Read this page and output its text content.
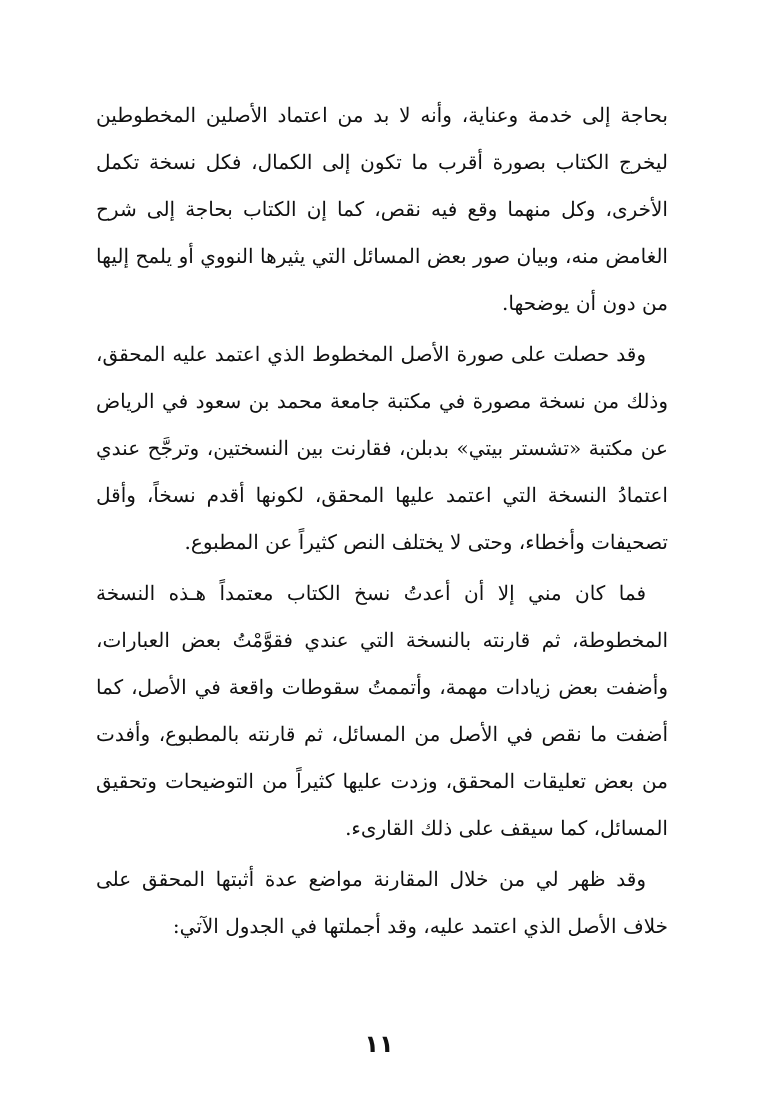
بحاجة إلى خدمة وعناية، وأنه لا بد من اعتماد الأصلين المخطوطين ليخرج الكتاب بصورة أقرب ما تكون إلى الكمال، فكل نسخة تكمل الأخرى، وكل منهما وقع فيه نقص، كما إن الكتاب بحاجة إلى شرح الغامض منه، وبيان صور بعض المسائل التي يثيرها النووي أو يلمح إليها من دون أن يوضحها.

وقد حصلت على صورة الأصل المخطوط الذي اعتمد عليه المحقق، وذلك من نسخة مصورة في مكتبة جامعة محمد بن سعود في الرياض عن مكتبة «تشستر بيتي» بدبلن، فقارنت بين النسختين، وترجَّح عندي اعتمادُ النسخة التي اعتمد عليها المحقق، لكونها أقدم نسخاً، وأقل تصحيفات وأخطاء، وحتى لا يختلف النص كثيراً عن المطبوع.

فما كان مني إلا أن أعدتُ نسخ الكتاب معتمداً هـذه النسخة المخطوطة، ثم قارنته بالنسخة التي عندي فقوَّمْتُ بعض العبارات، وأضفت بعض زيادات مهمة، وأتممتُ سقوطات واقعة في الأصل، كما أضفت ما نقص في الأصل من المسائل، ثم قارنته بالمطبوع، وأفدت من بعض تعليقات المحقق، وزدت عليها كثيراً من التوضيحات وتحقيق المسائل، كما سيقف على ذلك القارىء.

وقد ظهر لي من خلال المقارنة مواضع عدة أثبتها المحقق على خلاف الأصل الذي اعتمد عليه، وقد أجملتها في الجدول الآتي:

١١
